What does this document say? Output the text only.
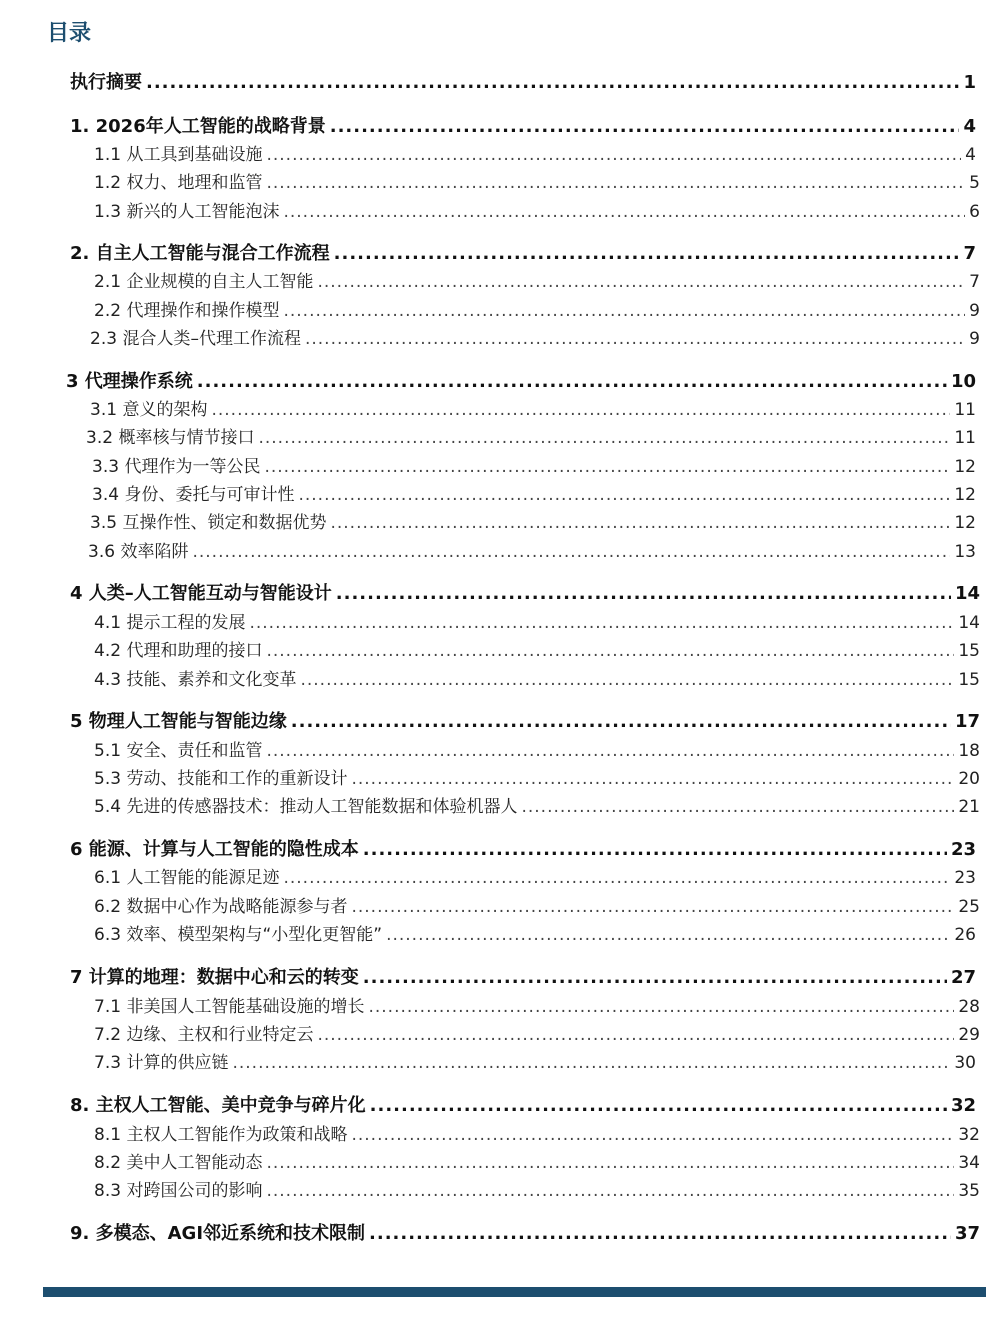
目录
执行摘要 .....	1
1. 2026年人工智能的战略背景 .....	4
1.1 从工具到基础设施 .....	4
1.2 权力、地理和监管 .....	5
1.3 新兴的人工智能泡沫 .....	6
2. 自主人工智能与混合工作流程 .....	7
2.1 企业规模的自主人工智能 .....	7
2.2 代理操作和操作模型 .....	9
2.3 混合人类–代理工作流程 .....	9
3 代理操作系统 .....	10
3.1 意义的架构 .....	11
3.2 概率核与情节接口 .....	11
3.3 代理作为一等公民 .....	12
3.4 身份、委托与可审计性 .....	12
3.5 互操作性、锁定和数据优势 .....	12
3.6 效率陷阱 .....	13
4 人类–人工智能互动与智能设计 .....	14
4.1 提示工程的发展 .....	14
4.2 代理和助理的接口 .....	15
4.3 技能、素养和文化变革 .....	15
5 物理人工智能与智能边缘 .....	17
5.1 安全、责任和监管 .....	18
5.3 劳动、技能和工作的重新设计 .....	20
5.4 先进的传感器技术：推动人工智能数据和体验机器人 .....	21
6 能源、计算与人工智能的隐性成本 .....	23
6.1 人工智能的能源足迹 .....	23
6.2 数据中心作为战略能源参与者 .....	25
6.3 效率、模型架构与“小型化更智能” .....	26
7 计算的地理：数据中心和云的转变 .....	27
7.1 非美国人工智能基础设施的增长 .....	28
7.2 边缘、主权和行业特定云 .....	29
7.3 计算的供应链 .....	30
8. 主权人工智能、美中竞争与碎片化 .....	32
8.1 主权人工智能作为政策和战略 .....	32
8.2 美中人工智能动态 .....	34
8.3 对跨国公司的影响 .....	35
9. 多模态、AGI邻近系统和技术限制 .....	37
